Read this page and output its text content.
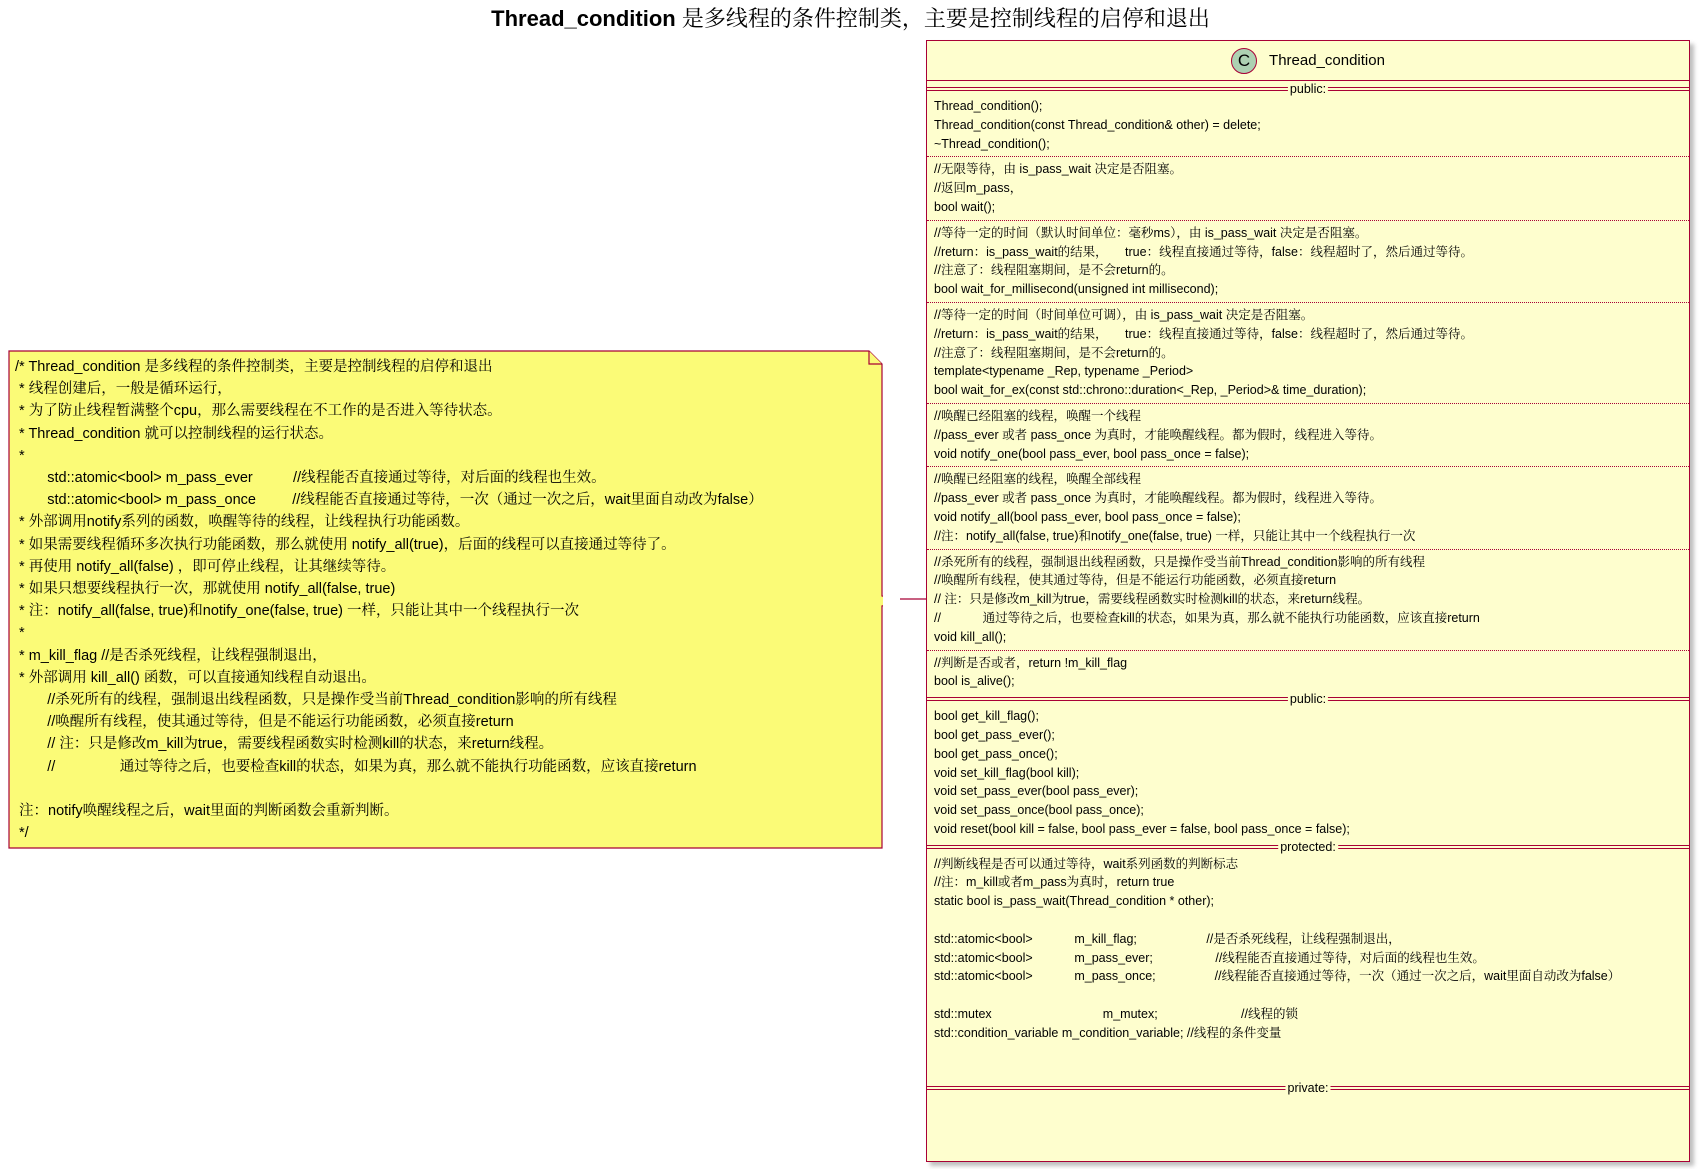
Thread_condition 是多线程的条件控制类，主要是控制线程的启停和退出
/* Thread_condition 是多线程的条件控制类，主要是控制线程的启停和退出
* 线程创建后，一般是循环运行，
* 为了防止线程暂满整个cpu，那么需要线程在不工作的是否进入等待状态。
* Thread_condition 就可以控制线程的运行状态。
*
std::atomic<bool> m_pass_ever          //线程能否直接通过等待，对后面的线程也生效。
std::atomic<bool> m_pass_once         //线程能否直接通过等待，一次（通过一次之后，wait里面自动改为false）
* 外部调用notify系列的函数，唤醒等待的线程，让线程执行功能函数。
* 如果需要线程循环多次执行功能函数，那么就使用 notify_all(true)，后面的线程可以直接通过等待了。
* 再使用 notify_all(false) ，即可停止线程，让其继续等待。
* 如果只想要线程执行一次，那就使用 notify_all(false, true)
* 注：notify_all(false, true)和notify_one(false, true) 一样，只能让其中一个线程执行一次
*
* m_kill_flag //是否杀死线程，让线程强制退出，
* 外部调用 kill_all() 函数，可以直接通知线程自动退出。
//杀死所有的线程，强制退出线程函数，只是操作受当前Thread_condition影响的所有线程
//唤醒所有线程，使其通过等待，但是不能运行功能函数，必须直接return
// 注：只是修改m_kill为true，需要线程函数实时检测kill的状态，来return线程。
//                通过等待之后，也要检查kill的状态，如果为真，那么就不能执行功能函数，应该直接return

注：notify唤醒线程之后，wait里面的判断函数会重新判断。
*/
C	Thread_condition
public:
Thread_condition();
Thread_condition(const Thread_condition& other) = delete;
~Thread_condition();
//无限等待，由 is_pass_wait 决定是否阻塞。
//返回m_pass，
bool wait();
//等待一定的时间（默认时间单位：毫秒ms），由 is_pass_wait 决定是否阻塞。
//return：is_pass_wait的结果，     true：线程直接通过等待，false：线程超时了，然后通过等待。
//注意了：线程阻塞期间，是不会return的。
bool wait_for_millisecond(unsigned int millisecond);
//等待一定的时间（时间单位可调），由 is_pass_wait 决定是否阻塞。
//return：is_pass_wait的结果，     true：线程直接通过等待，false：线程超时了，然后通过等待。
//注意了：线程阻塞期间，是不会return的。
template<typename _Rep, typename _Period>
bool wait_for_ex(const std::chrono::duration<_Rep, _Period>& time_duration);
//唤醒已经阻塞的线程，唤醒一个线程
//pass_ever 或者 pass_once 为真时，才能唤醒线程。都为假时，线程进入等待。
void notify_one(bool pass_ever, bool pass_once = false);
//唤醒已经阻塞的线程，唤醒全部线程
//pass_ever 或者 pass_once 为真时，才能唤醒线程。都为假时，线程进入等待。
void notify_all(bool pass_ever, bool pass_once = false);
//注：notify_all(false, true)和notify_one(false, true) 一样，只能让其中一个线程执行一次
//杀死所有的线程，强制退出线程函数，只是操作受当前Thread_condition影响的所有线程
//唤醒所有线程，使其通过等待，但是不能运行功能函数，必须直接return
// 注：只是修改m_kill为true，需要线程函数实时检测kill的状态，来return线程。
//            通过等待之后，也要检查kill的状态，如果为真，那么就不能执行功能函数，应该直接return
void kill_all();
//判断是否或者，return !m_kill_flag
bool is_alive();
public:
bool get_kill_flag();
bool get_pass_ever();
bool get_pass_once();
void set_kill_flag(bool kill);
void set_pass_ever(bool pass_ever);
void set_pass_once(bool pass_once);
void reset(bool kill = false, bool pass_ever = false, bool pass_once = false);
protected:
//判断线程是否可以通过等待，wait系列函数的判断标志
//注：m_kill或者m_pass为真时，return true
static bool is_pass_wait(Thread_condition * other);

std::atomic<bool>            m_kill_flag;                    //是否杀死线程，让线程强制退出，
std::atomic<bool>            m_pass_ever;                  //线程能否直接通过等待，对后面的线程也生效。
std::atomic<bool>            m_pass_once;                 //线程能否直接通过等待，一次（通过一次之后，wait里面自动改为false）

std::mutex                                m_mutex;                        //线程的锁
std::condition_variable m_condition_variable; //线程的条件变量

private:
